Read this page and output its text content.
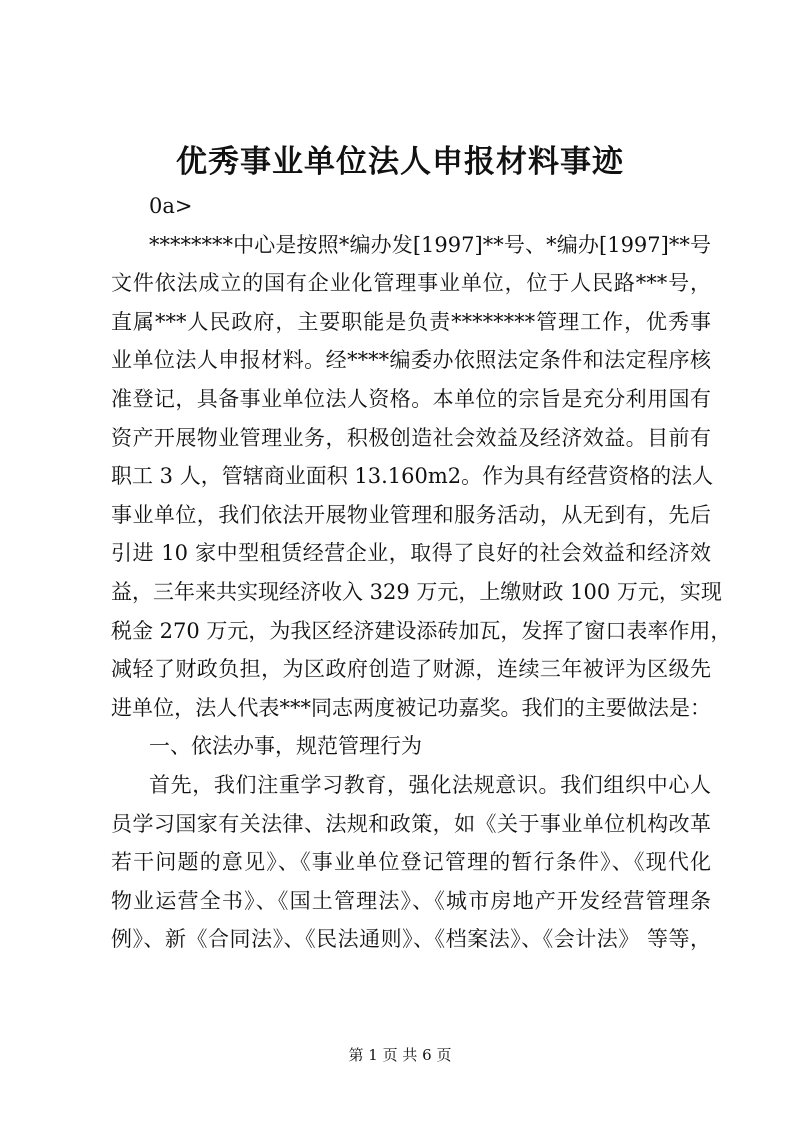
优秀事业单位法人申报材料事迹
0a>
********中心是按照*编办发[1997]**号、*编办[1997]**号
文件依法成立的国有企业化管理事业单位，位于人民路***号，
直属***人民政府，主要职能是负责********管理工作，优秀事
业单位法人申报材料。经****编委办依照法定条件和法定程序核
准登记，具备事业单位法人资格。本单位的宗旨是充分利用国有
资产开展物业管理业务，积极创造社会效益及经济效益。目前有
职工 3 人，管辖商业面积 13.160m2。作为具有经营资格的法人
事业单位，我们依法开展物业管理和服务活动，从无到有，先后
引进 10 家中型租赁经营企业，取得了良好的社会效益和经济效
益，三年来共实现经济收入 329 万元，上缴财政 100 万元，实现
税金 270 万元，为我区经济建设添砖加瓦，发挥了窗口表率作用，
减轻了财政负担，为区政府创造了财源，连续三年被评为区级先
进单位，法人代表***同志两度被记功嘉奖。我们的主要做法是：
一、依法办事，规范管理行为
首先，我们注重学习教育，强化法规意识。我们组织中心人
员学习国家有关法律、法规和政策，如《关于事业单位机构改革
若干问题的意见》、《事业单位登记管理的暂行条件》、《现代化
物业运营全书》、《国土管理法》、《城市房地产开发经营管理条
例》、新《合同法》、《民法通则》、《档案法》、《会计法》 等等，
第 1 页 共 6 页
